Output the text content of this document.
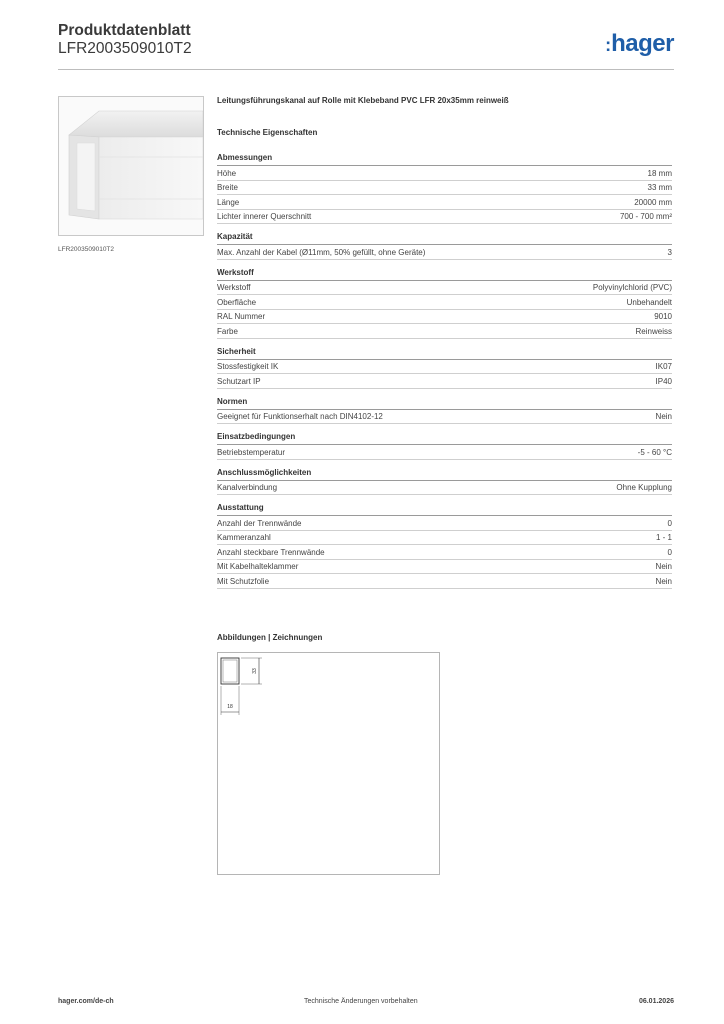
Produktdatenblatt
LFR2003509010T2	:hager
LFR2003509010T2
Leitungsführungskanal auf Rolle mit Klebeband PVC LFR 20x35mm reinweiß
Technische Eigenschaften
Abmessungen
Höhe	18 mm
Breite	33 mm
Länge	20000 mm
Lichter innerer Querschnitt	700 - 700 mm²
Kapazität
Max. Anzahl der Kabel (Ø11mm, 50% gefüllt, ohne Geräte)	3
Werkstoff
Werkstoff	Polyvinylchlorid (PVC)
Oberfläche	Unbehandelt
RAL Nummer	9010
Farbe	Reinweiss
Sicherheit
Stossfestigkeit IK	IK07
Schutzart IP	IP40
Normen
Geeignet für Funktionserhalt nach DIN4102-12	Nein
Einsatzbedingungen
Betriebstemperatur	-5 - 60 °C
Anschlussmöglichkeiten
Kanalverbindung	Ohne Kupplung
Ausstattung
Anzahl der Trennwände	0
Kammeranzahl	1 - 1
Anzahl steckbare Trennwände	0
Mit Kabelhalteklammer	Nein
Mit Schutzfolie	Nein
Abbildungen | Zeichnungen
33
18
hager.com/de-ch	Technische Änderungen vorbehalten	06.01.2026
